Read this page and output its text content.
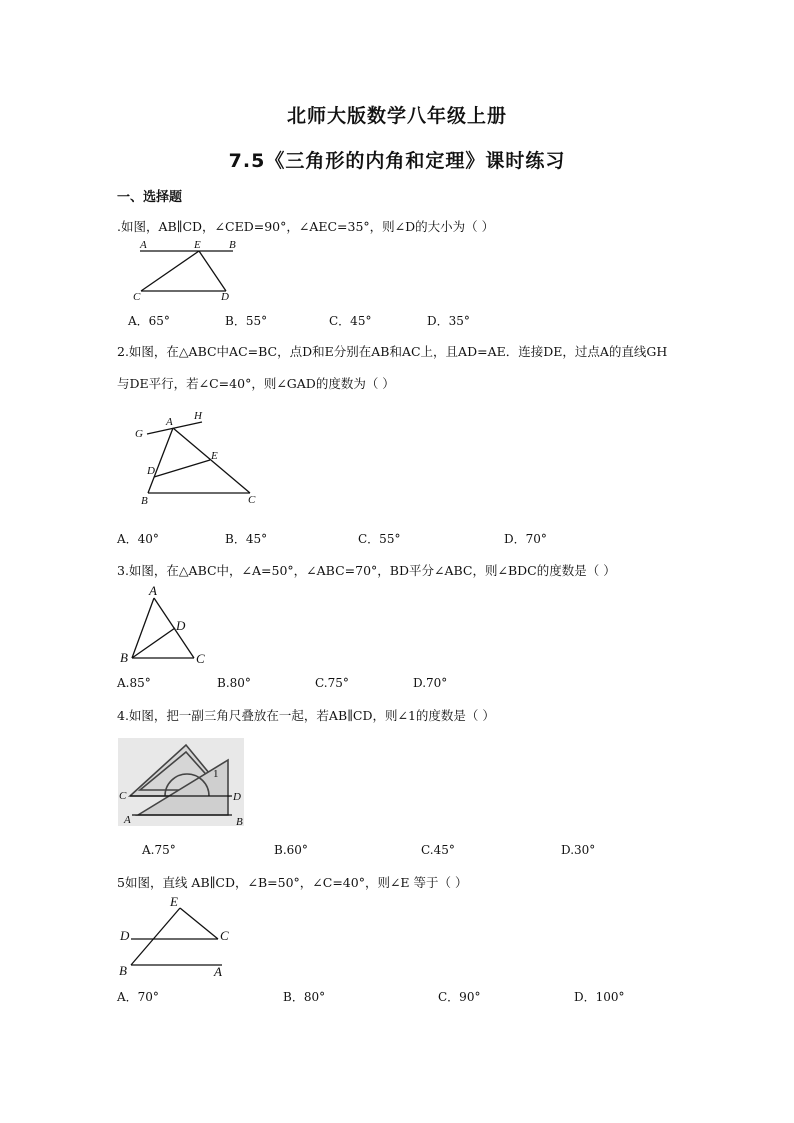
北师大版数学八年级上册
7.5《三角形的内角和定理》课时练习
一、选择题
.如图，AB∥CD，∠CED=90°，∠AEC=35°，则∠D的大小为（ ）
A	E	B
C	D
A．65°	B．55°	C．45°	D．35°
2.如图，在△ABC中AC=BC，点D和E分别在AB和AC上，且AD=AE．连接DE，过点A的直线GH
与DE平行，若∠C=40°，则∠GAD的度数为（ ）
G
A H
E
D
B	C
A．40°	B．45°	C．55°	D．70°
3.如图，在△ABC中，∠A=50°，∠ABC=70°，BD平分∠ABC，则∠BDC的度数是（ ）
A
D
B	C
A.85°	B.80°	C.75°	D.70°
4.如图，把一副三角尺叠放在一起，若AB∥CD，则∠1的度数是（ ）
C	D
A	B
1
A.75°	B.60°	C.45°	D.30°
5如图，直线 AB∥CD，∠B=50°，∠C=40°，则∠E 等于（ ）
E
D	C
B	A
A．70°	B．80°	C．90°	D．100°
